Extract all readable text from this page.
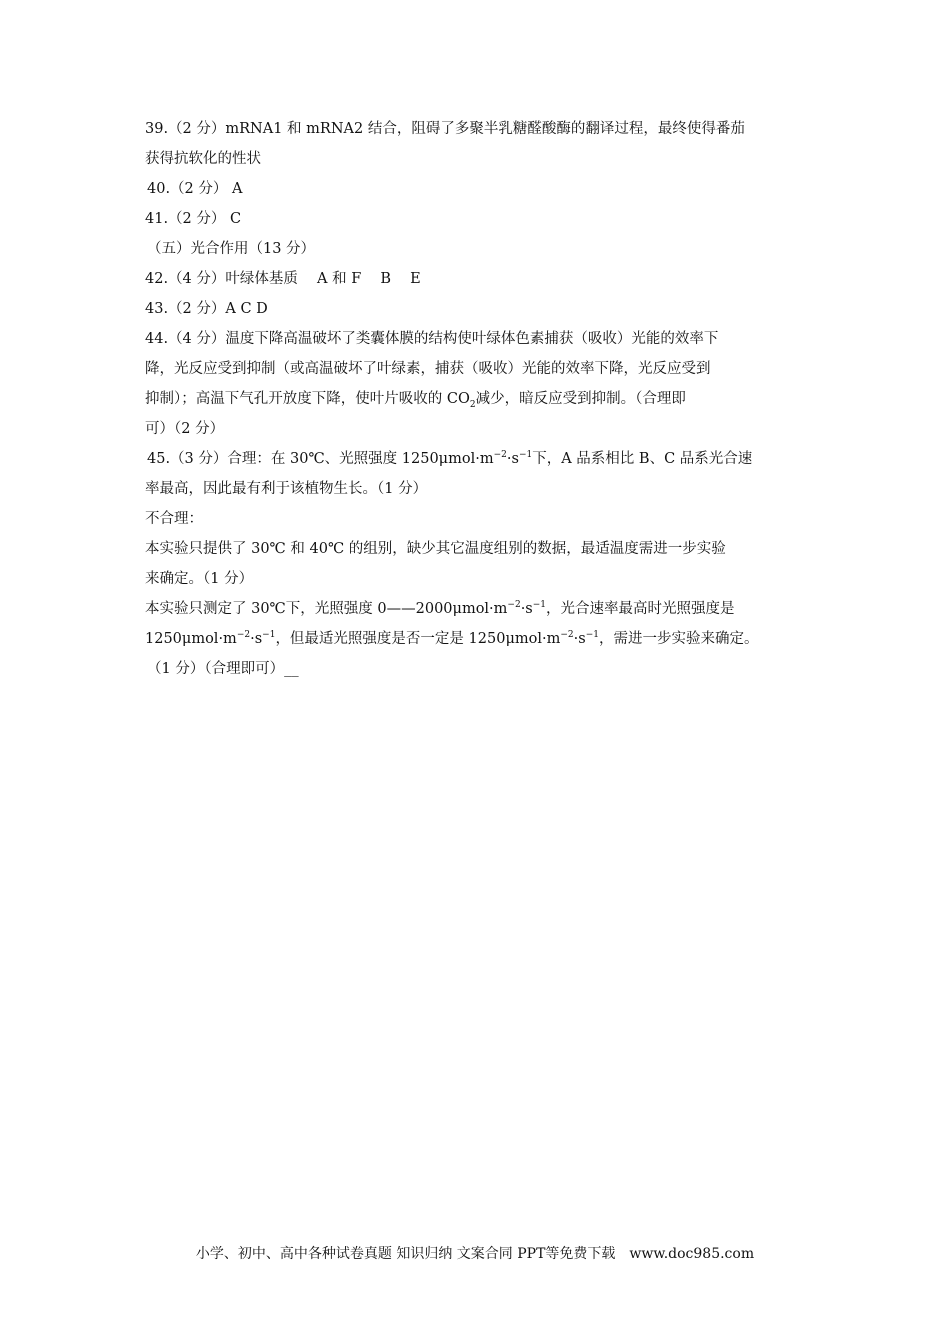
39.（2 分）mRNA1 和 mRNA2 结合，阻碍了多聚半乳糖醛酸酶的翻译过程，最终使得番茄
获得抗软化的性状
40.（2 分） A
41.（2 分） C
（五）光合作用（13 分）
42.（4 分）叶绿体基质　 A 和 F　 B　 E
43.（2 分）A C D
44.（4 分）温度下降高温破坏了类囊体膜的结构使叶绿体色素捕获（吸收）光能的效率下
降，光反应受到抑制（或高温破坏了叶绿素，捕获（吸收）光能的效率下降，光反应受到
抑制）；高温下气孔开放度下降，使叶片吸收的 $CO_2$减少，暗反应受到抑制。（合理即
可）（2 分）
45.（3 分）合理：在 30℃、光照强度 $1250\mu mol\cdot m^{-2}\cdot s^{-1}$下，A 品系相比 B、C 品系光合速
率最高，因此最有利于该植物生长。（1 分）
不合理：
本实验只提供了 30℃ 和 40℃ 的组别，缺少其它温度组别的数据，最适温度需进一步实验
来确定。（1 分）
本实验只测定了 30℃下，光照强度 $0——2000\mu mol\cdot m^{-2}\cdot s^{-1}$，光合速率最高时光照强度是
$1250\mu mol\cdot m^{-2}\cdot s^{-1}$，但最适光照强度是否一定是 $1250\mu mol\cdot m^{-2}\cdot s^{-1}$，需进一步实验来确定。
（1 分）（合理即可）__
小学、初中、高中各种试卷真题 知识归纳 文案合同 PPT等免费下载　www.doc985.com
